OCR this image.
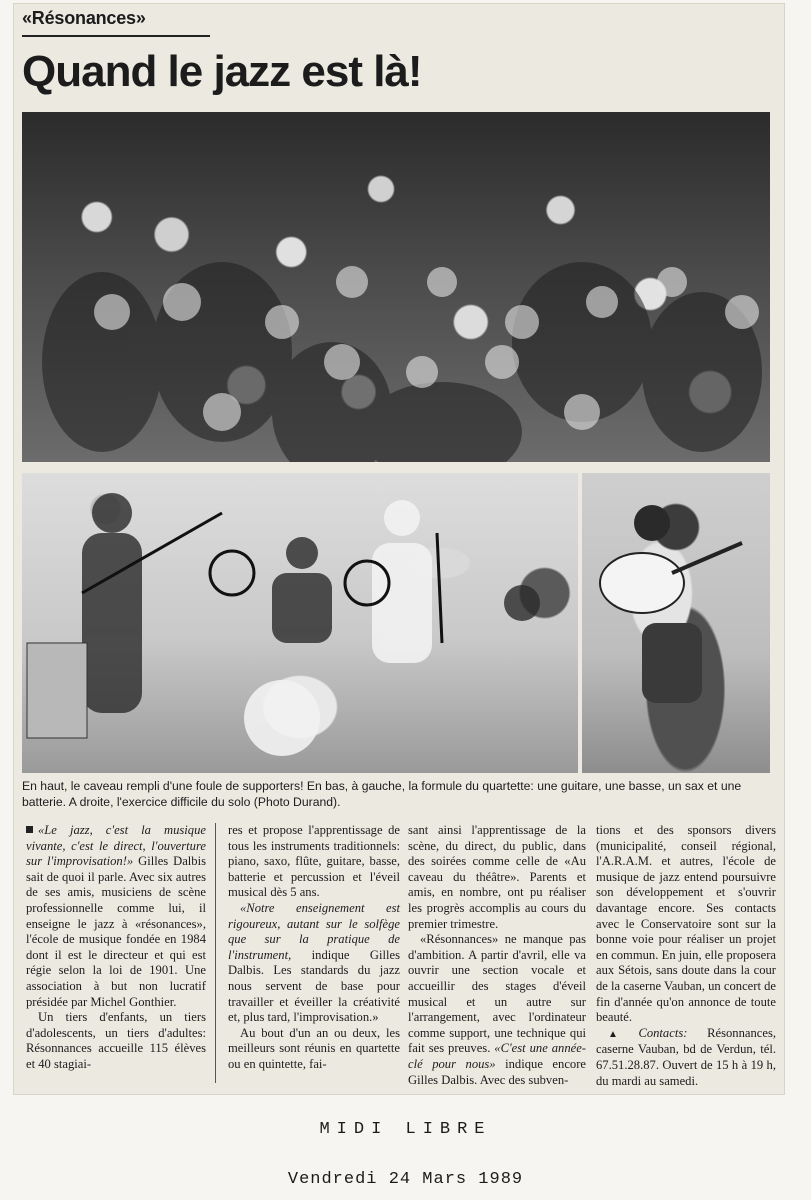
«Résonances»
Quand le jazz est là!
En haut, le caveau rempli d'une foule de supporters! En bas, à gauche, la formule du quartette: une guitare, une basse, un sax et une batterie. A droite, l'exercice difficile du solo (Photo Durand).

«Le jazz, c'est la musique vivante, c'est le direct, l'ouverture sur l'improvisation!» Gilles Dalbis sait de quoi il parle. Avec six autres de ses amis, musiciens de scène professionnelle comme lui, il enseigne le jazz à «résonances», l'école de musique fondée en 1984 dont il est le directeur et qui est régie selon la loi de 1901. Une association à but non lucratif présidée par Michel Gonthier.

Un tiers d'enfants, un tiers d'adolescents, un tiers d'adultes: Résonnances accueille 115 élèves et 40 stagiai-

res et propose l'apprentissage de tous les instruments traditionnels: piano, saxo, flûte, guitare, basse, batterie et percussion et l'éveil musical dès 5 ans.

«Notre enseignement est rigoureux, autant sur le solfège que sur la pratique de l'instrument, indique Gilles Dalbis. Les standards du jazz nous servent de base pour travailler et éveiller la créativité et, plus tard, l'improvisation.»

Au bout d'un an ou deux, les meilleurs sont réunis en quartette ou en quintette, fai-

sant ainsi l'apprentissage de la scène, du direct, du public, dans des soirées comme celle de «Au caveau du théâtre». Parents et amis, en nombre, ont pu réaliser les progrès accomplis au cours du premier trimestre.

«Résonnances» ne manque pas d'ambition. A partir d'avril, elle va ouvrir une section vocale et accueillir des stages d'éveil musical et un autre sur l'arrangement, avec l'ordinateur comme support, une technique qui fait ses preuves. «C'est une année-clé pour nous» indique encore Gilles Dalbis. Avec des subven-

tions et des sponsors divers (municipalité, conseil régional, l'A.R.A.M. et autres, l'école de musique de jazz entend poursuivre son développement et s'ouvrir davantage encore. Ses contacts avec le Conservatoire sont sur la bonne voie pour réaliser un projet en commun. En juin, elle proposera aux Sétois, sans doute dans la cour de la caserne Vauban, un concert de fin d'année qu'on annonce de toute beauté.

▲ Contacts: Résonnances, caserne Vauban, bd de Verdun, tél. 67.51.28.87. Ouvert de 15 h à 19 h, du mardi au samedi.

MIDI LIBRE
Vendredi 24 Mars 1989
